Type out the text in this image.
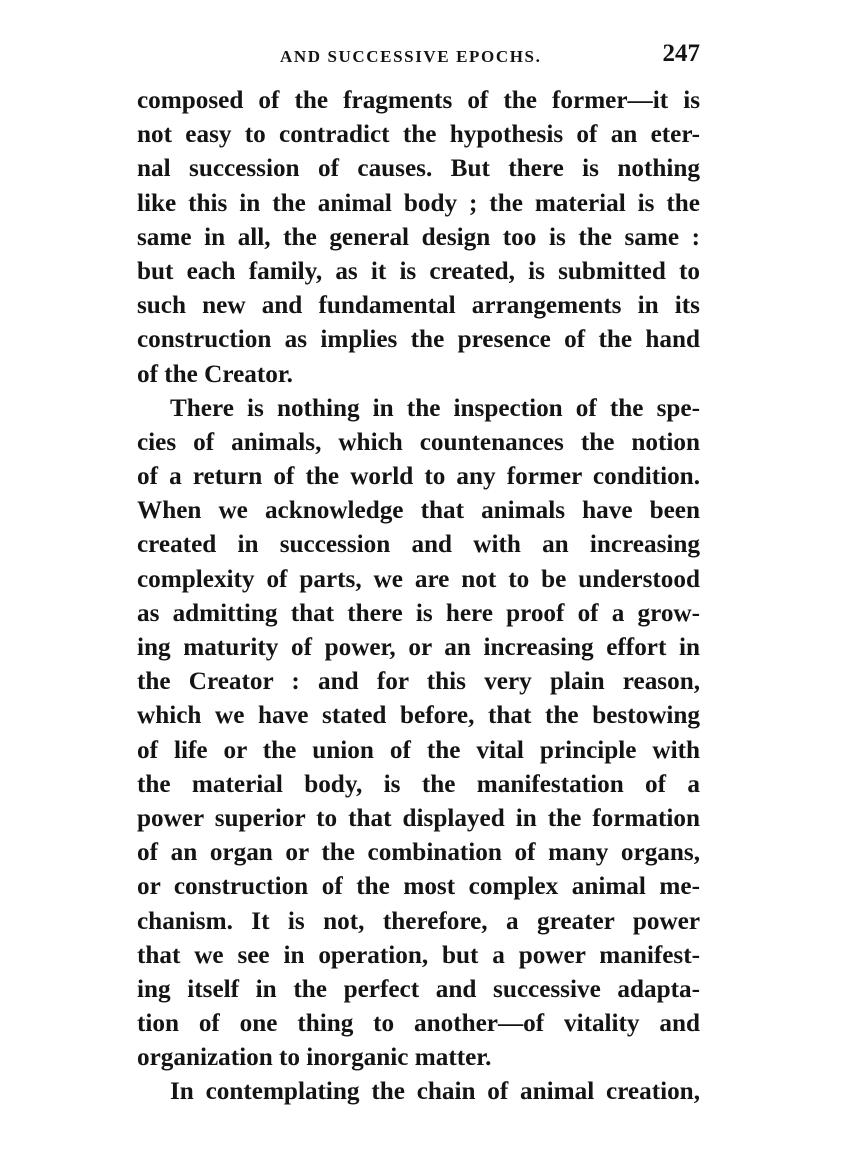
AND SUCCESSIVE EPOCHS.	247
composed of the fragments of the former—it is
not easy to contradict the hypothesis of an eter-
nal succession of causes. But there is nothing
like this in the animal body ; the material is the
same in all, the general design too is the same :
but each family, as it is created, is submitted to
such new and fundamental arrangements in its
construction as implies the presence of the hand
of the Creator.
There is nothing in the inspection of the spe-
cies of animals, which countenances the notion
of a return of the world to any former condition.
When we acknowledge that animals have been
created in succession and with an increasing
complexity of parts, we are not to be understood
as admitting that there is here proof of a grow-
ing maturity of power, or an increasing effort in
the Creator : and for this very plain reason,
which we have stated before, that the bestowing
of life or the union of the vital principle with
the material body, is the manifestation of a
power superior to that displayed in the formation
of an organ or the combination of many organs,
or construction of the most complex animal me-
chanism. It is not, therefore, a greater power
that we see in operation, but a power manifest-
ing itself in the perfect and successive adapta-
tion of one thing to another—of vitality and
organization to inorganic matter.
In contemplating the chain of animal creation,
